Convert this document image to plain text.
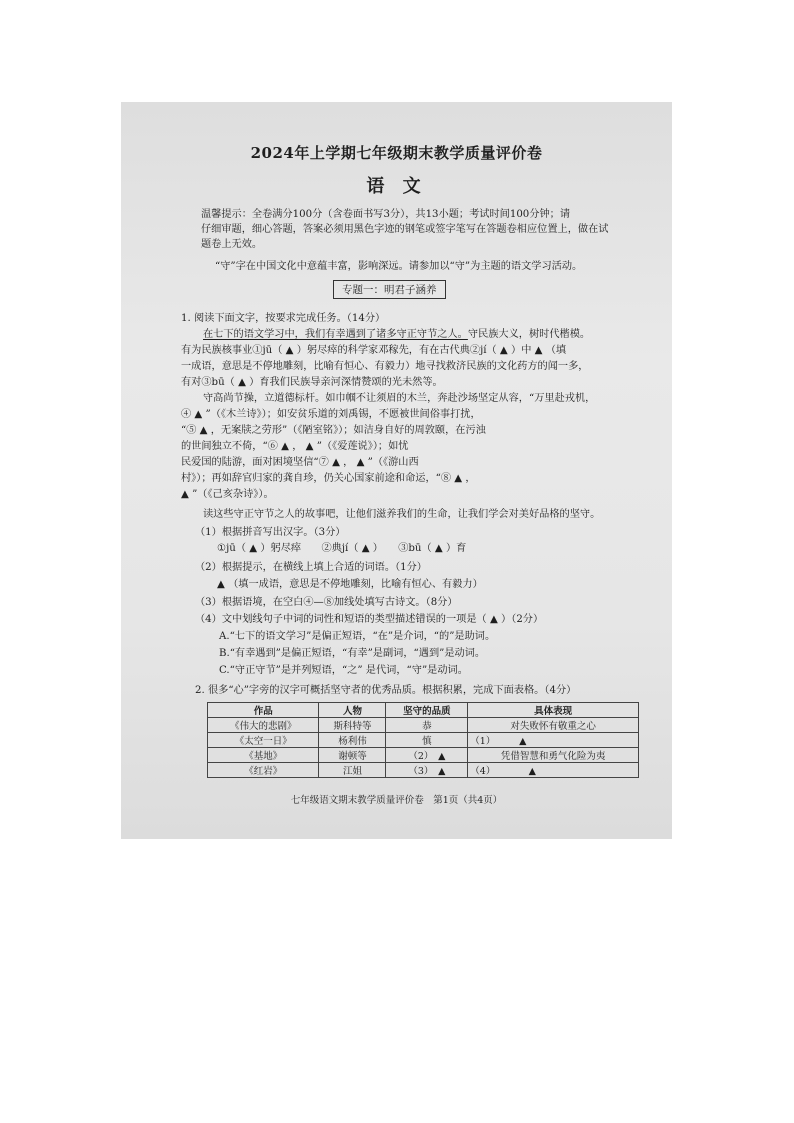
2024年上学期七年级期末教学质量评价卷
语 文
温馨提示：全卷满分100分（含卷面书写3分），共13小题；考试时间100分钟；请
仔细审题，细心答题，答案必须用黑色字迹的钢笔或签字笔写在答题卷相应位置上，做在试
题卷上无效。
“守”字在中国文化中意蕴丰富，影响深远。请参加以“守”为主题的语文学习活动。
专题一：明君子涵养
1. 阅读下面文字，按要求完成任务。（14分）
在七下的语文学习中，我们有幸遇到了诸多守正守节之人。守民族大义，树时代楷模。
有为民族核事业①jū（ ▲ ）躬尽瘁的科学家邓稼先，有在古代典②jí（ ▲ ）中 ▲ （填
一成语，意思是不停地雕刻，比喻有恒心、有毅力）地寻找救济民族的文化药方的闻一多，
有对③bū（ ▲ ）育我们民族导亲河深情赞颂的光未然等。
守高尚节操，立道德标杆。如巾帼不让须眉的木兰，奔赴沙场坚定从容，“万里赴戎机，
④ ▲ ”（《木兰诗》）；如安贫乐道的刘禹锡，不愿被世间俗事打扰，
“⑤ ▲ ，无案牍之劳形”（《陋室铭》）；如洁身自好的周敦颐，在污浊
的世间独立不倚，“⑥ ▲ ， ▲ ”（《爱莲说》）；如忧
民爱国的陆游，面对困境坚信“⑦ ▲ ， ▲ ”（《游山西
村》）；再如辞官归家的龚自珍，仍关心国家前途和命运，“⑧ ▲ ，
▲ ”（《己亥杂诗》）。
读这些守正守节之人的故事吧，让他们滋养我们的生命，让我们学会对美好品格的坚守。
（1）根据拼音写出汉字。（3分）
①jū（ ▲ ）躬尽瘁　　②典jí（ ▲ ）　　③bū（ ▲ ）育
（2）根据提示，在横线上填上合适的词语。（1分）
▲ （填一成语，意思是不停地雕刻，比喻有恒心、有毅力）
（3）根据语境，在空白④—⑧加线处填写古诗文。（8分）
（4）文中划线句子中词的词性和短语的类型描述错误的一项是（ ▲ ）（2分）
A.“七下的语文学习”是偏正短语，“在”是介词，“的”是助词。
B.“有幸遇到”是偏正短语，“有幸”是副词，“遇到”是动词。
C.“守正守节”是并列短语，“之” 是代词，“守”是动词。
2. 很多“心”字旁的汉字可概括坚守者的优秀品质。根据积累，完成下面表格。（4分）
作品	人物	坚守的品质	具体表现
《伟大的悲剧》	斯科特等	恭	对失败怀有敬重之心
《太空一日》	杨利伟	慎	（1）　　　▲
《基地》	谢顿等	（2）　▲	凭借智慧和勇气化险为夷
《红岩》	江姐	（3）　▲	（4）　　　　▲
七年级语文期末教学质量评价卷　第1页（共4页）
